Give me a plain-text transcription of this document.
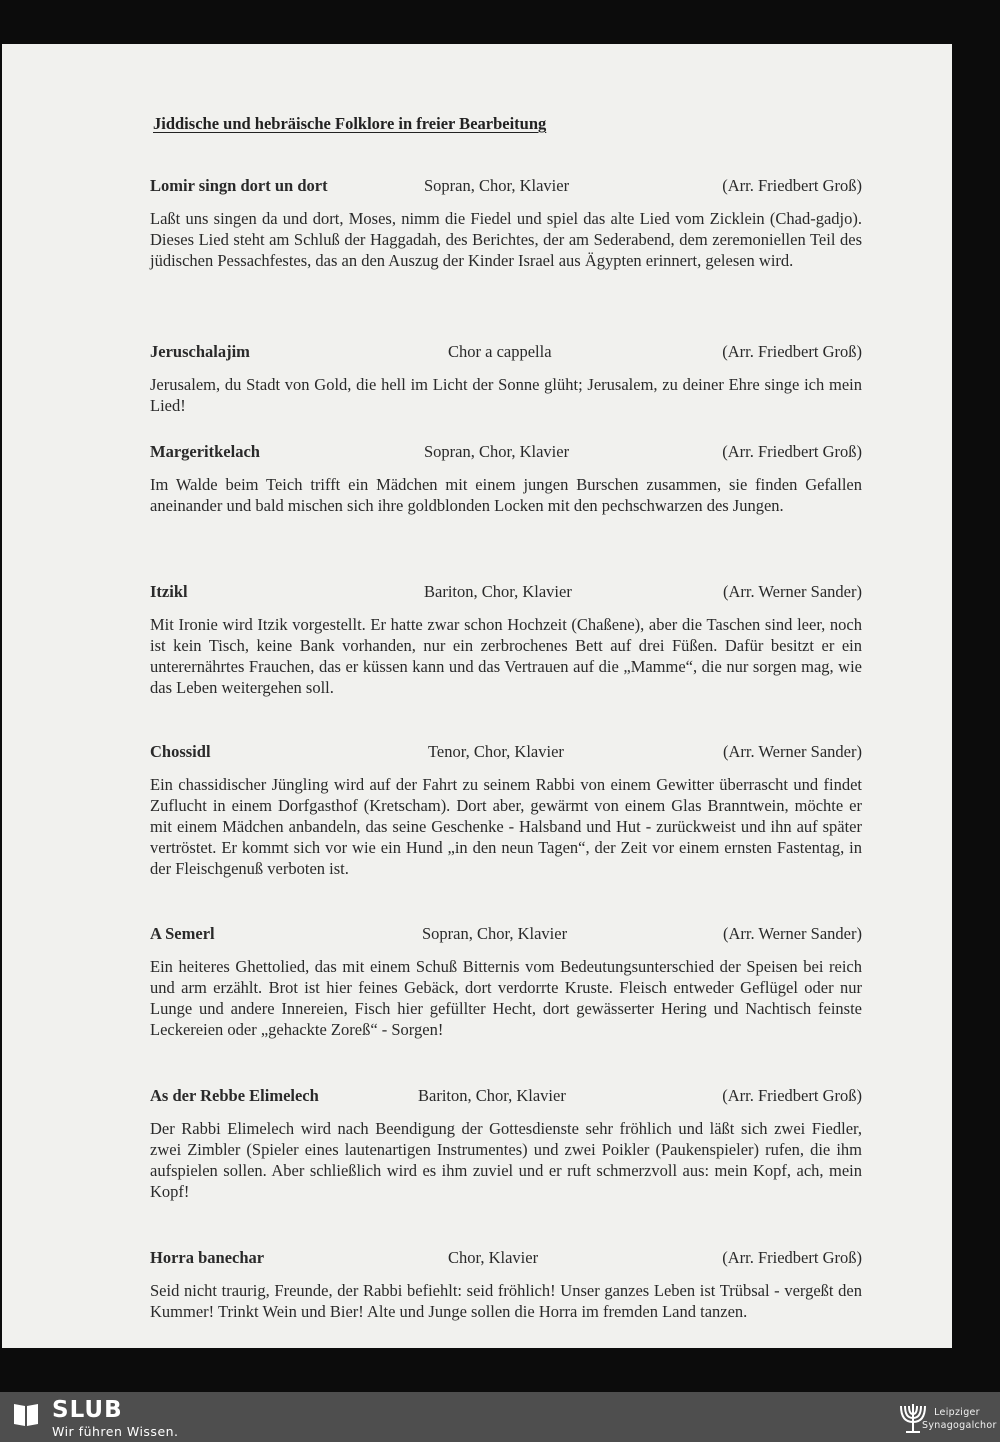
Jiddische und hebräische Folklore in freier Bearbeitung
Lomir singn dort un dort	Sopran, Chor, Klavier	(Arr. Friedbert Groß)
Laßt uns singen da und dort, Moses, nimm die Fiedel und spiel das alte Lied vom Zicklein (Chad-gadjo). Dieses Lied steht am Schluß der Haggadah, des Berichtes, der am Sederabend, dem zeremoniellen Teil des jüdischen Pessachfestes, das an den Auszug der Kinder Israel aus Ägypten erinnert, gelesen wird.
Jeruschalajim	Chor a cappella	(Arr. Friedbert Groß)
Jerusalem, du Stadt von Gold, die hell im Licht der Sonne glüht; Jerusalem, zu deiner Ehre singe ich mein Lied!
Margeritkelach	Sopran, Chor, Klavier	(Arr. Friedbert Groß)
Im Walde beim Teich trifft ein Mädchen mit einem jungen Burschen zusammen, sie finden Gefallen aneinander und bald mischen sich ihre goldblonden Locken mit den pechschwarzen des Jungen.
Itzikl	Bariton, Chor, Klavier	(Arr. Werner Sander)
Mit Ironie wird Itzik vorgestellt. Er hatte zwar schon Hochzeit (Chaßene), aber die Taschen sind leer, noch ist kein Tisch, keine Bank vorhanden, nur ein zerbrochenes Bett auf drei Füßen. Dafür besitzt er ein unterernährtes Frauchen, das er küssen kann und das Vertrauen auf die „Mamme“, die nur sorgen mag, wie das Leben weitergehen soll.
Chossidl	Tenor, Chor, Klavier	(Arr. Werner Sander)
Ein chassidischer Jüngling wird auf der Fahrt zu seinem Rabbi von einem Gewitter überrascht und findet Zuflucht in einem Dorfgasthof (Kretscham). Dort aber, gewärmt von einem Glas Branntwein, möchte er mit einem Mädchen anbandeln, das seine Geschenke - Halsband und Hut - zurückweist und ihn auf später vertröstet. Er kommt sich vor wie ein Hund „in den neun Tagen“, der Zeit vor einem ernsten Fastentag, in der Fleischgenuß verboten ist.
A Semerl	Sopran, Chor, Klavier	(Arr. Werner Sander)
Ein heiteres Ghettolied, das mit einem Schuß Bitternis vom Bedeutungsunterschied der Speisen bei reich und arm erzählt. Brot ist hier feines Gebäck, dort verdorrte Kruste. Fleisch entweder Geflügel oder nur Lunge und andere Innereien, Fisch hier gefüllter Hecht, dort gewässerter Hering und Nachtisch feinste Leckereien oder „gehackte Zoreß“ - Sorgen!
As der Rebbe Elimelech	Bariton, Chor, Klavier	(Arr. Friedbert Groß)
Der Rabbi Elimelech wird nach Beendigung der Gottesdienste sehr fröhlich und läßt sich zwei Fiedler, zwei Zimbler (Spieler eines lautenartigen Instrumentes) und zwei Poikler (Paukenspieler) rufen, die ihm aufspielen sollen. Aber schließlich wird es ihm zuviel und er ruft schmerzvoll aus: mein Kopf, ach, mein Kopf!
Horra banechar	Chor, Klavier	(Arr. Friedbert Groß)
Seid nicht traurig, Freunde, der Rabbi befiehlt: seid fröhlich! Unser ganzes Leben ist Trübsal - vergeßt den Kummer! Trinkt Wein und Bier! Alte und Junge sollen die Horra im fremden Land tanzen.
SLUB
Wir führen Wissen.
Leipziger
Synagogalchor
